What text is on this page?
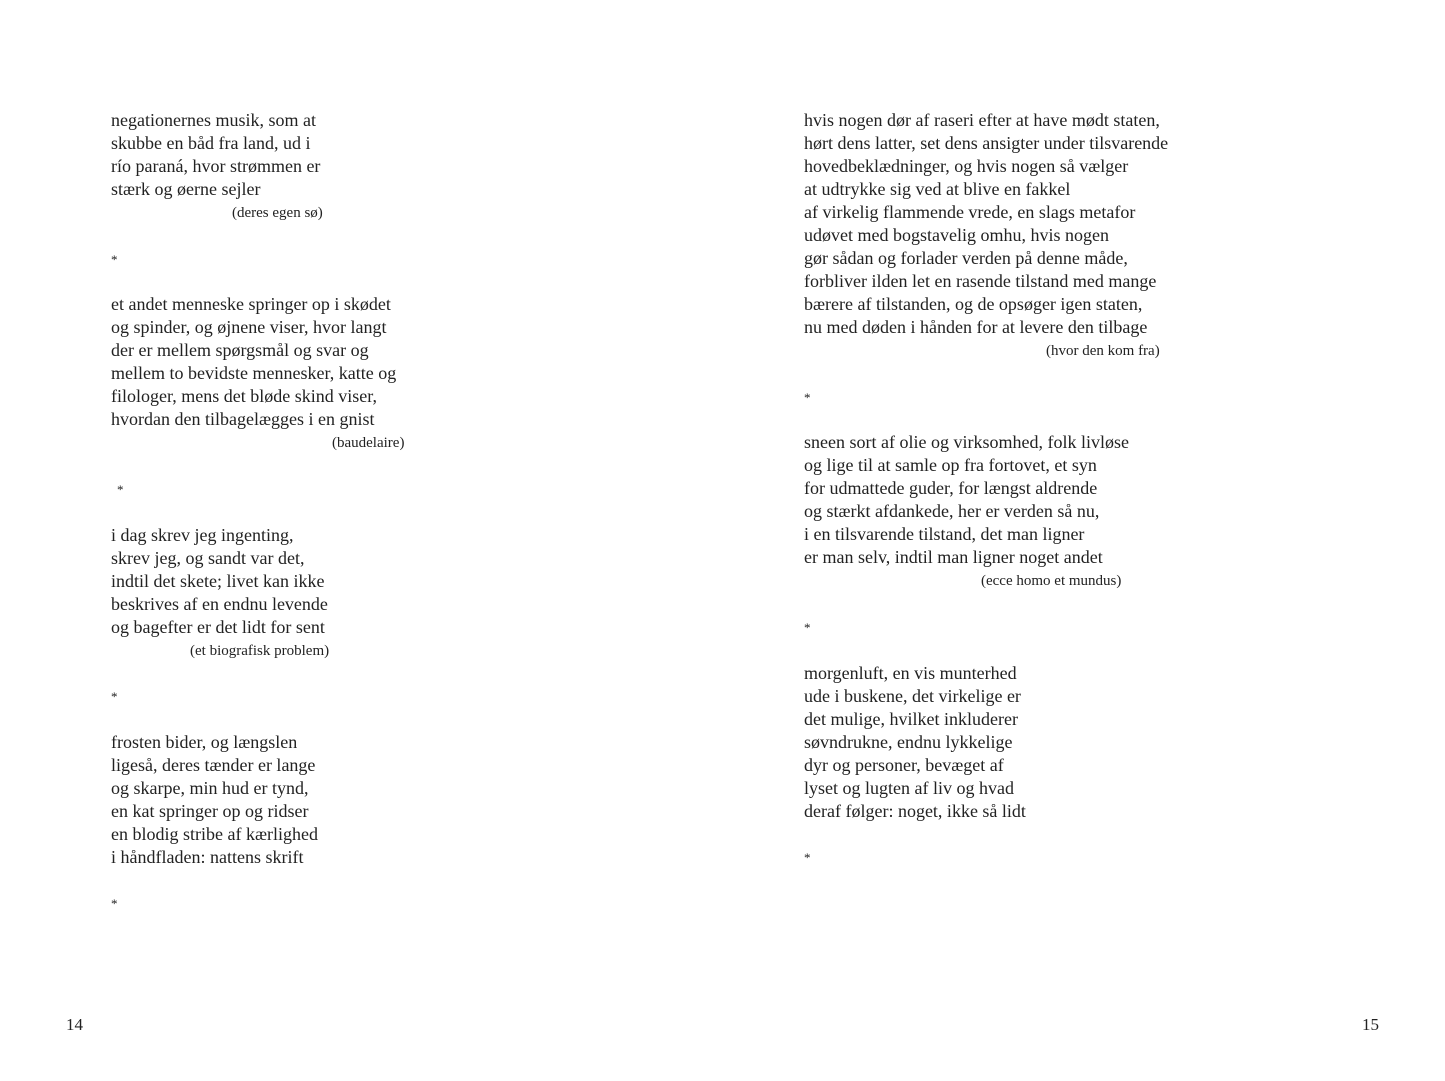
negationernes musik, som at
skubbe en båd fra land, ud i
río paraná, hvor strømmen er
stærk og øerne sejler
(deres egen sø)
*
et andet menneske springer op i skødet
og spinder, og øjnene viser, hvor langt
der er mellem spørgsmål og svar og
mellem to bevidste mennesker, katte og
filologer, mens det bløde skind viser,
hvordan den tilbagelægges i en gnist
(baudelaire)
*
i dag skrev jeg ingenting,
skrev jeg, og sandt var det,
indtil det skete; livet kan ikke
beskrives af en endnu levende
og bagefter er det lidt for sent
(et biografisk problem)
*
frosten bider, og længslen
ligeså, deres tænder er lange
og skarpe, min hud er tynd,
en kat springer op og ridser
en blodig stribe af kærlighed
i håndfladen: nattens skrift
*
14
hvis nogen dør af raseri efter at have mødt staten,
hørt dens latter, set dens ansigter under tilsvarende
hovedbeklædninger, og hvis nogen så vælger
at udtrykke sig ved at blive en fakkel
af virkelig flammende vrede, en slags metafor
udøvet med bogstavelig omhu, hvis nogen
gør sådan og forlader verden på denne måde,
forbliver ilden let en rasende tilstand med mange
bærere af tilstanden, og de opsøger igen staten,
nu med døden i hånden for at levere den tilbage
(hvor den kom fra)
*
sneen sort af olie og virksomhed, folk livløse
og lige til at samle op fra fortovet, et syn
for udmattede guder, for længst aldrende
og stærkt afdankede, her er verden så nu,
i en tilsvarende tilstand, det man ligner
er man selv, indtil man ligner noget andet
(ecce homo et mundus)
*
morgenluft, en vis munterhed
ude i buskene, det virkelige er
det mulige, hvilket inkluderer
søvndrukne, endnu lykkelige
dyr og personer, bevæget af
lyset og lugten af liv og hvad
deraf følger: noget, ikke så lidt
*
15
